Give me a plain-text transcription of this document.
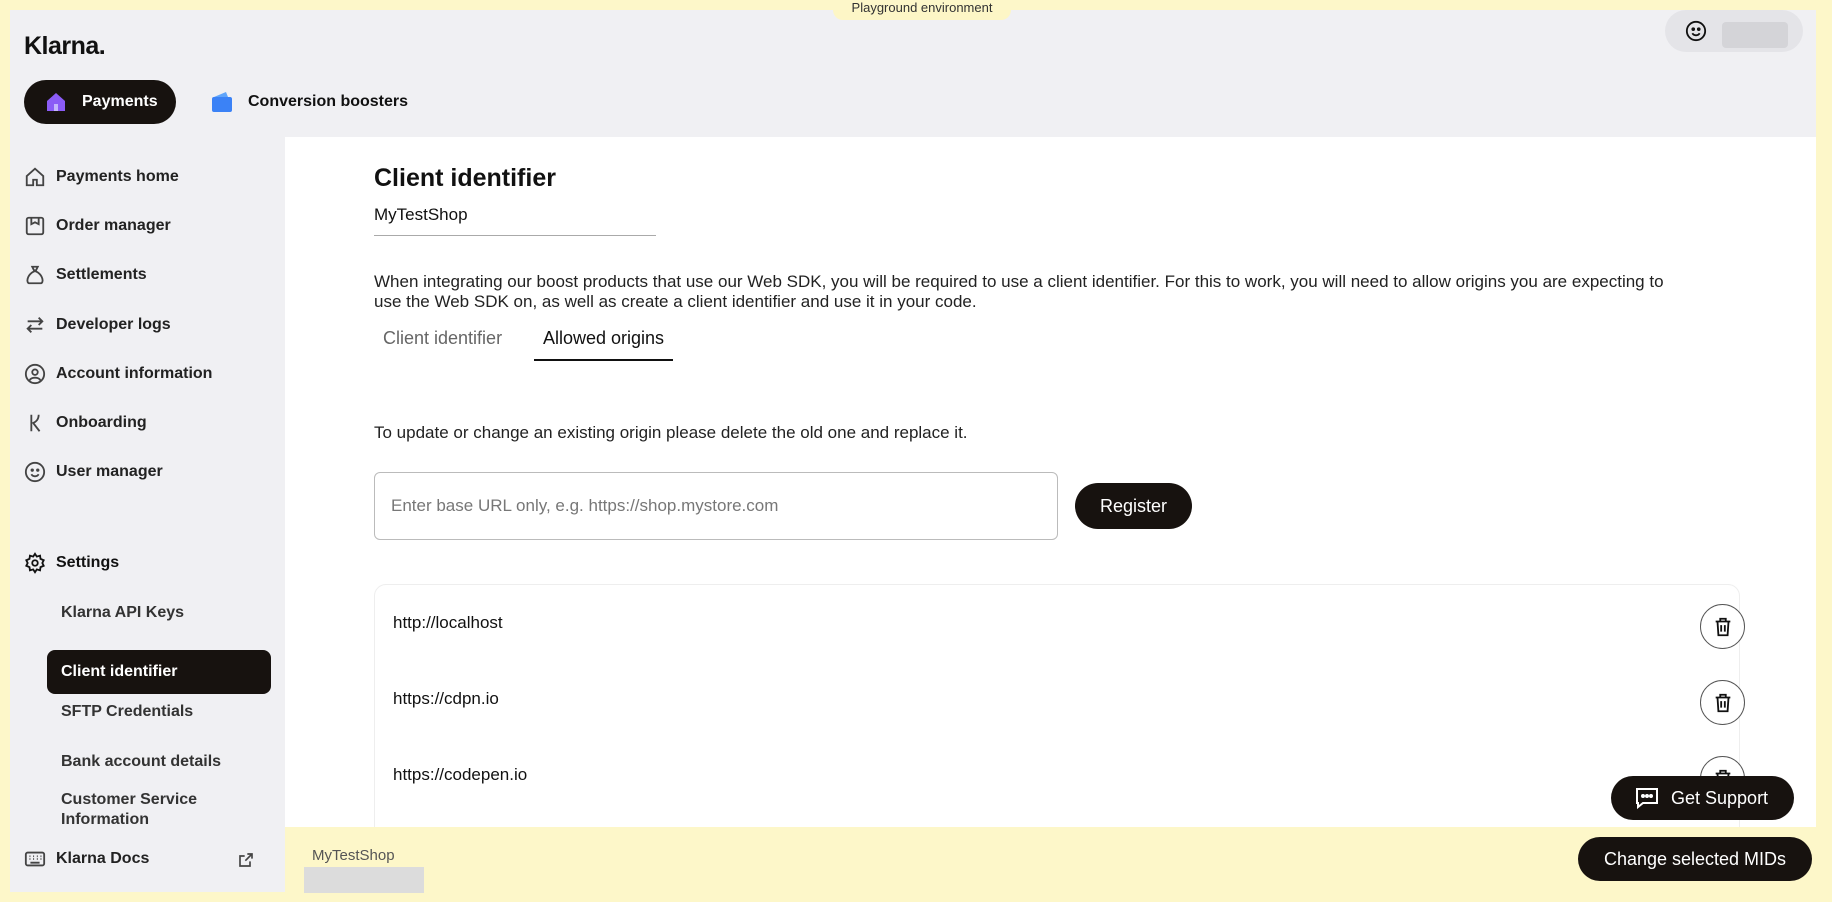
Playground environment
Klarna.
Payments	Conversion boosters
Payments home
Order manager
Settlements
Developer logs
Account information
Onboarding
User manager
Settings
Klarna API Keys
Client identifier
SFTP Credentials
Bank account details
Customer Service Information
Klarna Docs
Client identifier
MyTestShop

When integrating our boost products that use our Web SDK, you will be required to use a client identifier. For this to work, you will need to allow origins you are expecting to use the Web SDK on, as well as create a client identifier and use it in your code.

Client identifier	Allowed origins

To update or change an existing origin please delete the old one and replace it.

Enter base URL only, e.g. https://shop.mystore.com
Register
http://localhost
https://cdpn.io
https://codepen.io
Get Support
MyTestShop	Change selected MIDs
